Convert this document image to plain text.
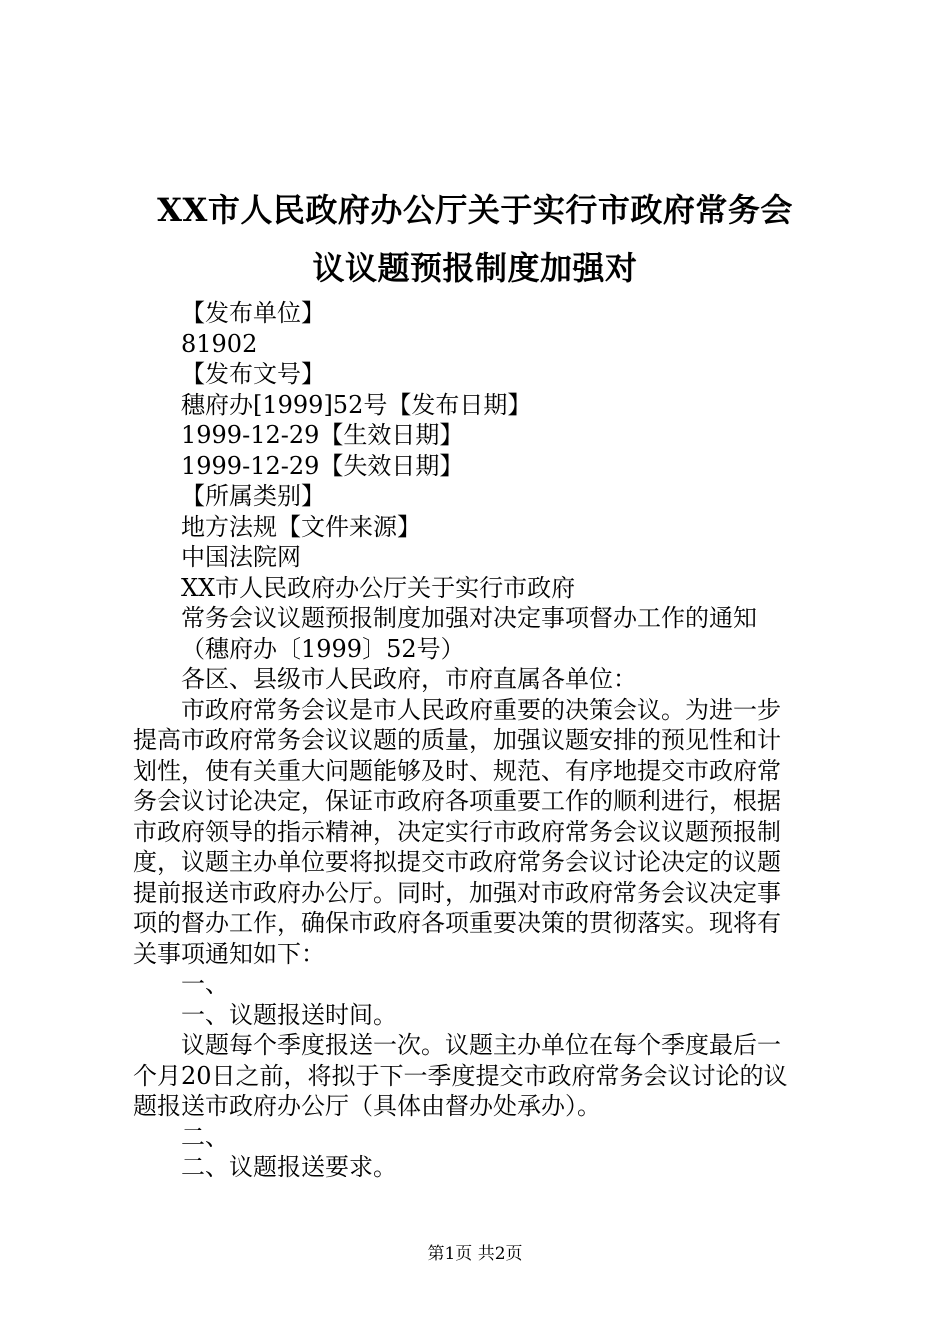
XX市人民政府办公厅关于实行市政府常务会
议议题预报制度加强对
【发布单位】
81902
【发布文号】
穗府办[1999]52号【发布日期】
1999-12-29【生效日期】
1999-12-29【失效日期】
【所属类别】
地方法规【文件来源】
中国法院网
XX市人民政府办公厅关于实行市政府
常务会议议题预报制度加强对决定事项督办工作的通知
（穗府办〔1999〕52号）
各区、县级市人民政府，市府直属各单位：
市政府常务会议是市人民政府重要的决策会议。为进一步
提高市政府常务会议议题的质量，加强议题安排的预见性和计
划性，使有关重大问题能够及时、规范、有序地提交市政府常
务会议讨论决定，保证市政府各项重要工作的顺利进行，根据
市政府领导的指示精神，决定实行市政府常务会议议题预报制
度，议题主办单位要将拟提交市政府常务会议讨论决定的议题
提前报送市政府办公厅。同时，加强对市政府常务会议决定事
项的督办工作，确保市政府各项重要决策的贯彻落实。现将有
关事项通知如下：
一、
一、议题报送时间。
议题每个季度报送一次。议题主办单位在每个季度最后一
个月20日之前，将拟于下一季度提交市政府常务会议讨论的议
题报送市政府办公厅（具体由督办处承办）。
二、
二、议题报送要求。
第1页 共2页
